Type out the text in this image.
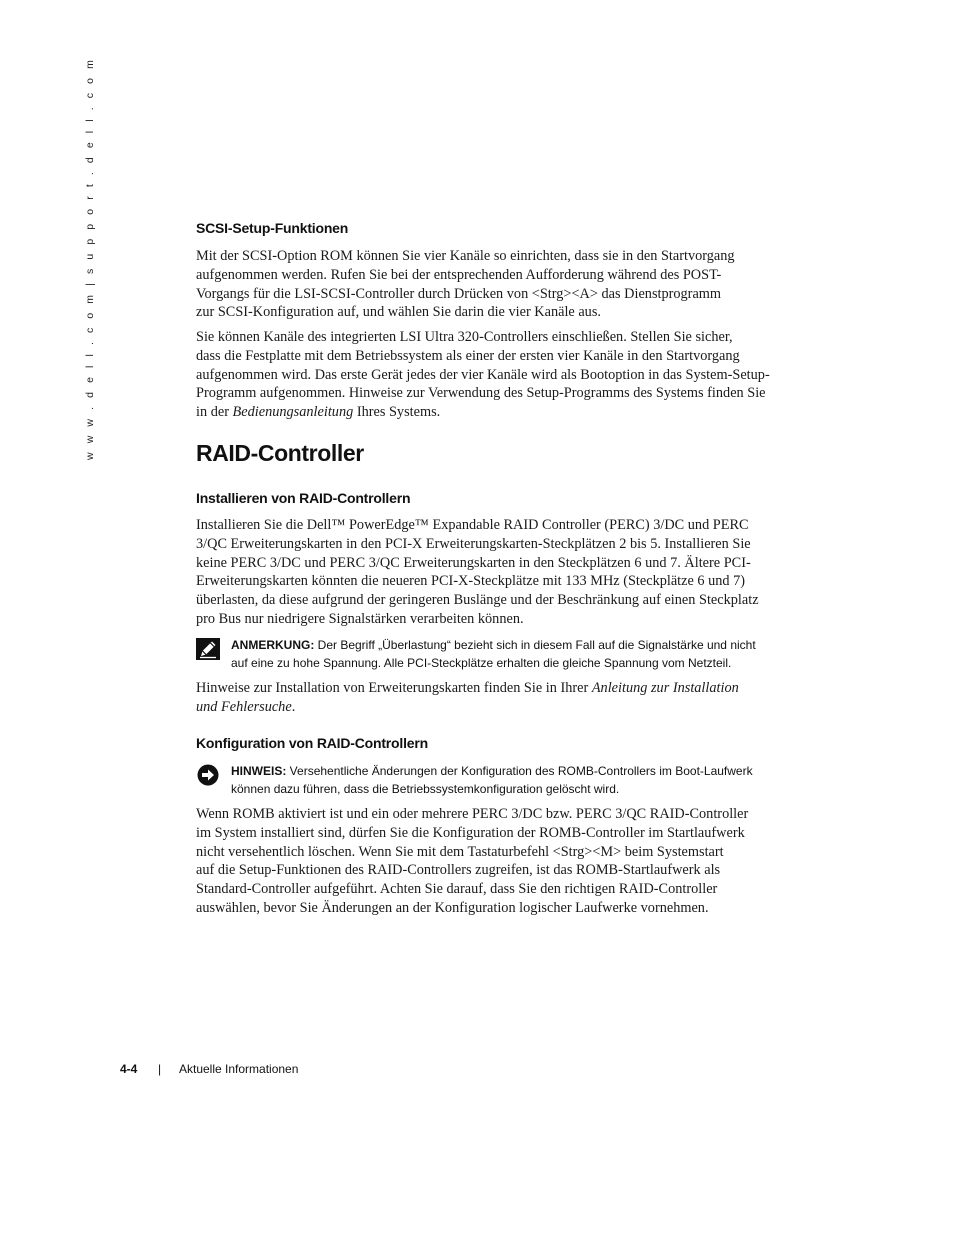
w w w . d e l l . c o m | s u p p o r t . d e l l . c o m	SCSI-Setup-Funktionen

Mit der SCSI-Option ROM können Sie vier Kanäle so einrichten, dass sie in den Startvorgang
aufgenommen werden. Rufen Sie bei der entsprechenden Aufforderung während des POST-
Vorgangs für die LSI-SCSI-Controller durch Drücken von <Strg><A> das Dienstprogramm
zur SCSI-Konfiguration auf, und wählen Sie darin die vier Kanäle aus.

Sie können Kanäle des integrierten LSI Ultra 320-Controllers einschließen. Stellen Sie sicher,
dass die Festplatte mit dem Betriebssystem als einer der ersten vier Kanäle in den Startvorgang
aufgenommen wird. Das erste Gerät jedes der vier Kanäle wird als Bootoption in das System-Setup-
Programm aufgenommen. Hinweise zur Verwendung des Setup-Programms des Systems finden Sie
in der Bedienungsanleitung Ihres Systems.

RAID-Controller
Installieren von RAID-Controllern

Installieren Sie die Dell™ PowerEdge™ Expandable RAID Controller (PERC) 3/DC und PERC
3/QC Erweiterungskarten in den PCI-X Erweiterungskarten-Steckplätzen 2 bis 5. Installieren Sie
keine PERC 3/DC und PERC 3/QC Erweiterungskarten in den Steckplätzen 6 und 7. Ältere PCI-
Erweiterungskarten könnten die neueren PCI-X-Steckplätze mit 133 MHz (Steckplätze 6 und 7)
überlasten, da diese aufgrund der geringeren Buslänge und der Beschränkung auf einen Steckplatz
pro Bus nur niedrigere Signalstärken verarbeiten können.

ANMERKUNG: Der Begriff „Überlastung“ bezieht sich in diesem Fall auf die Signalstärke und nicht
auf eine zu hohe Spannung. Alle PCI-Steckplätze erhalten die gleiche Spannung vom Netzteil.

Hinweise zur Installation von Erweiterungskarten finden Sie in Ihrer Anleitung zur Installation
und Fehlersuche.

Konfiguration von RAID-Controllern
HINWEIS: Versehentliche Änderungen der Konfiguration des ROMB-Controllers im Boot-Laufwerk
können dazu führen, dass die Betriebssystemkonfiguration gelöscht wird.

Wenn ROMB aktiviert ist und ein oder mehrere PERC 3/DC bzw. PERC 3/QC RAID-Controller
im System installiert sind, dürfen Sie die Konfiguration der ROMB-Controller im Startlaufwerk
nicht versehentlich löschen. Wenn Sie mit dem Tastaturbefehl <Strg><M> beim Systemstart
auf die Setup-Funktionen des RAID-Controllers zugreifen, ist das ROMB-Startlaufwerk als
Standard-Controller aufgeführt. Achten Sie darauf, dass Sie den richtigen RAID-Controller
auswählen, bevor Sie Änderungen an der Konfiguration logischer Laufwerke vornehmen.

4-4 | Aktuelle Informationen
